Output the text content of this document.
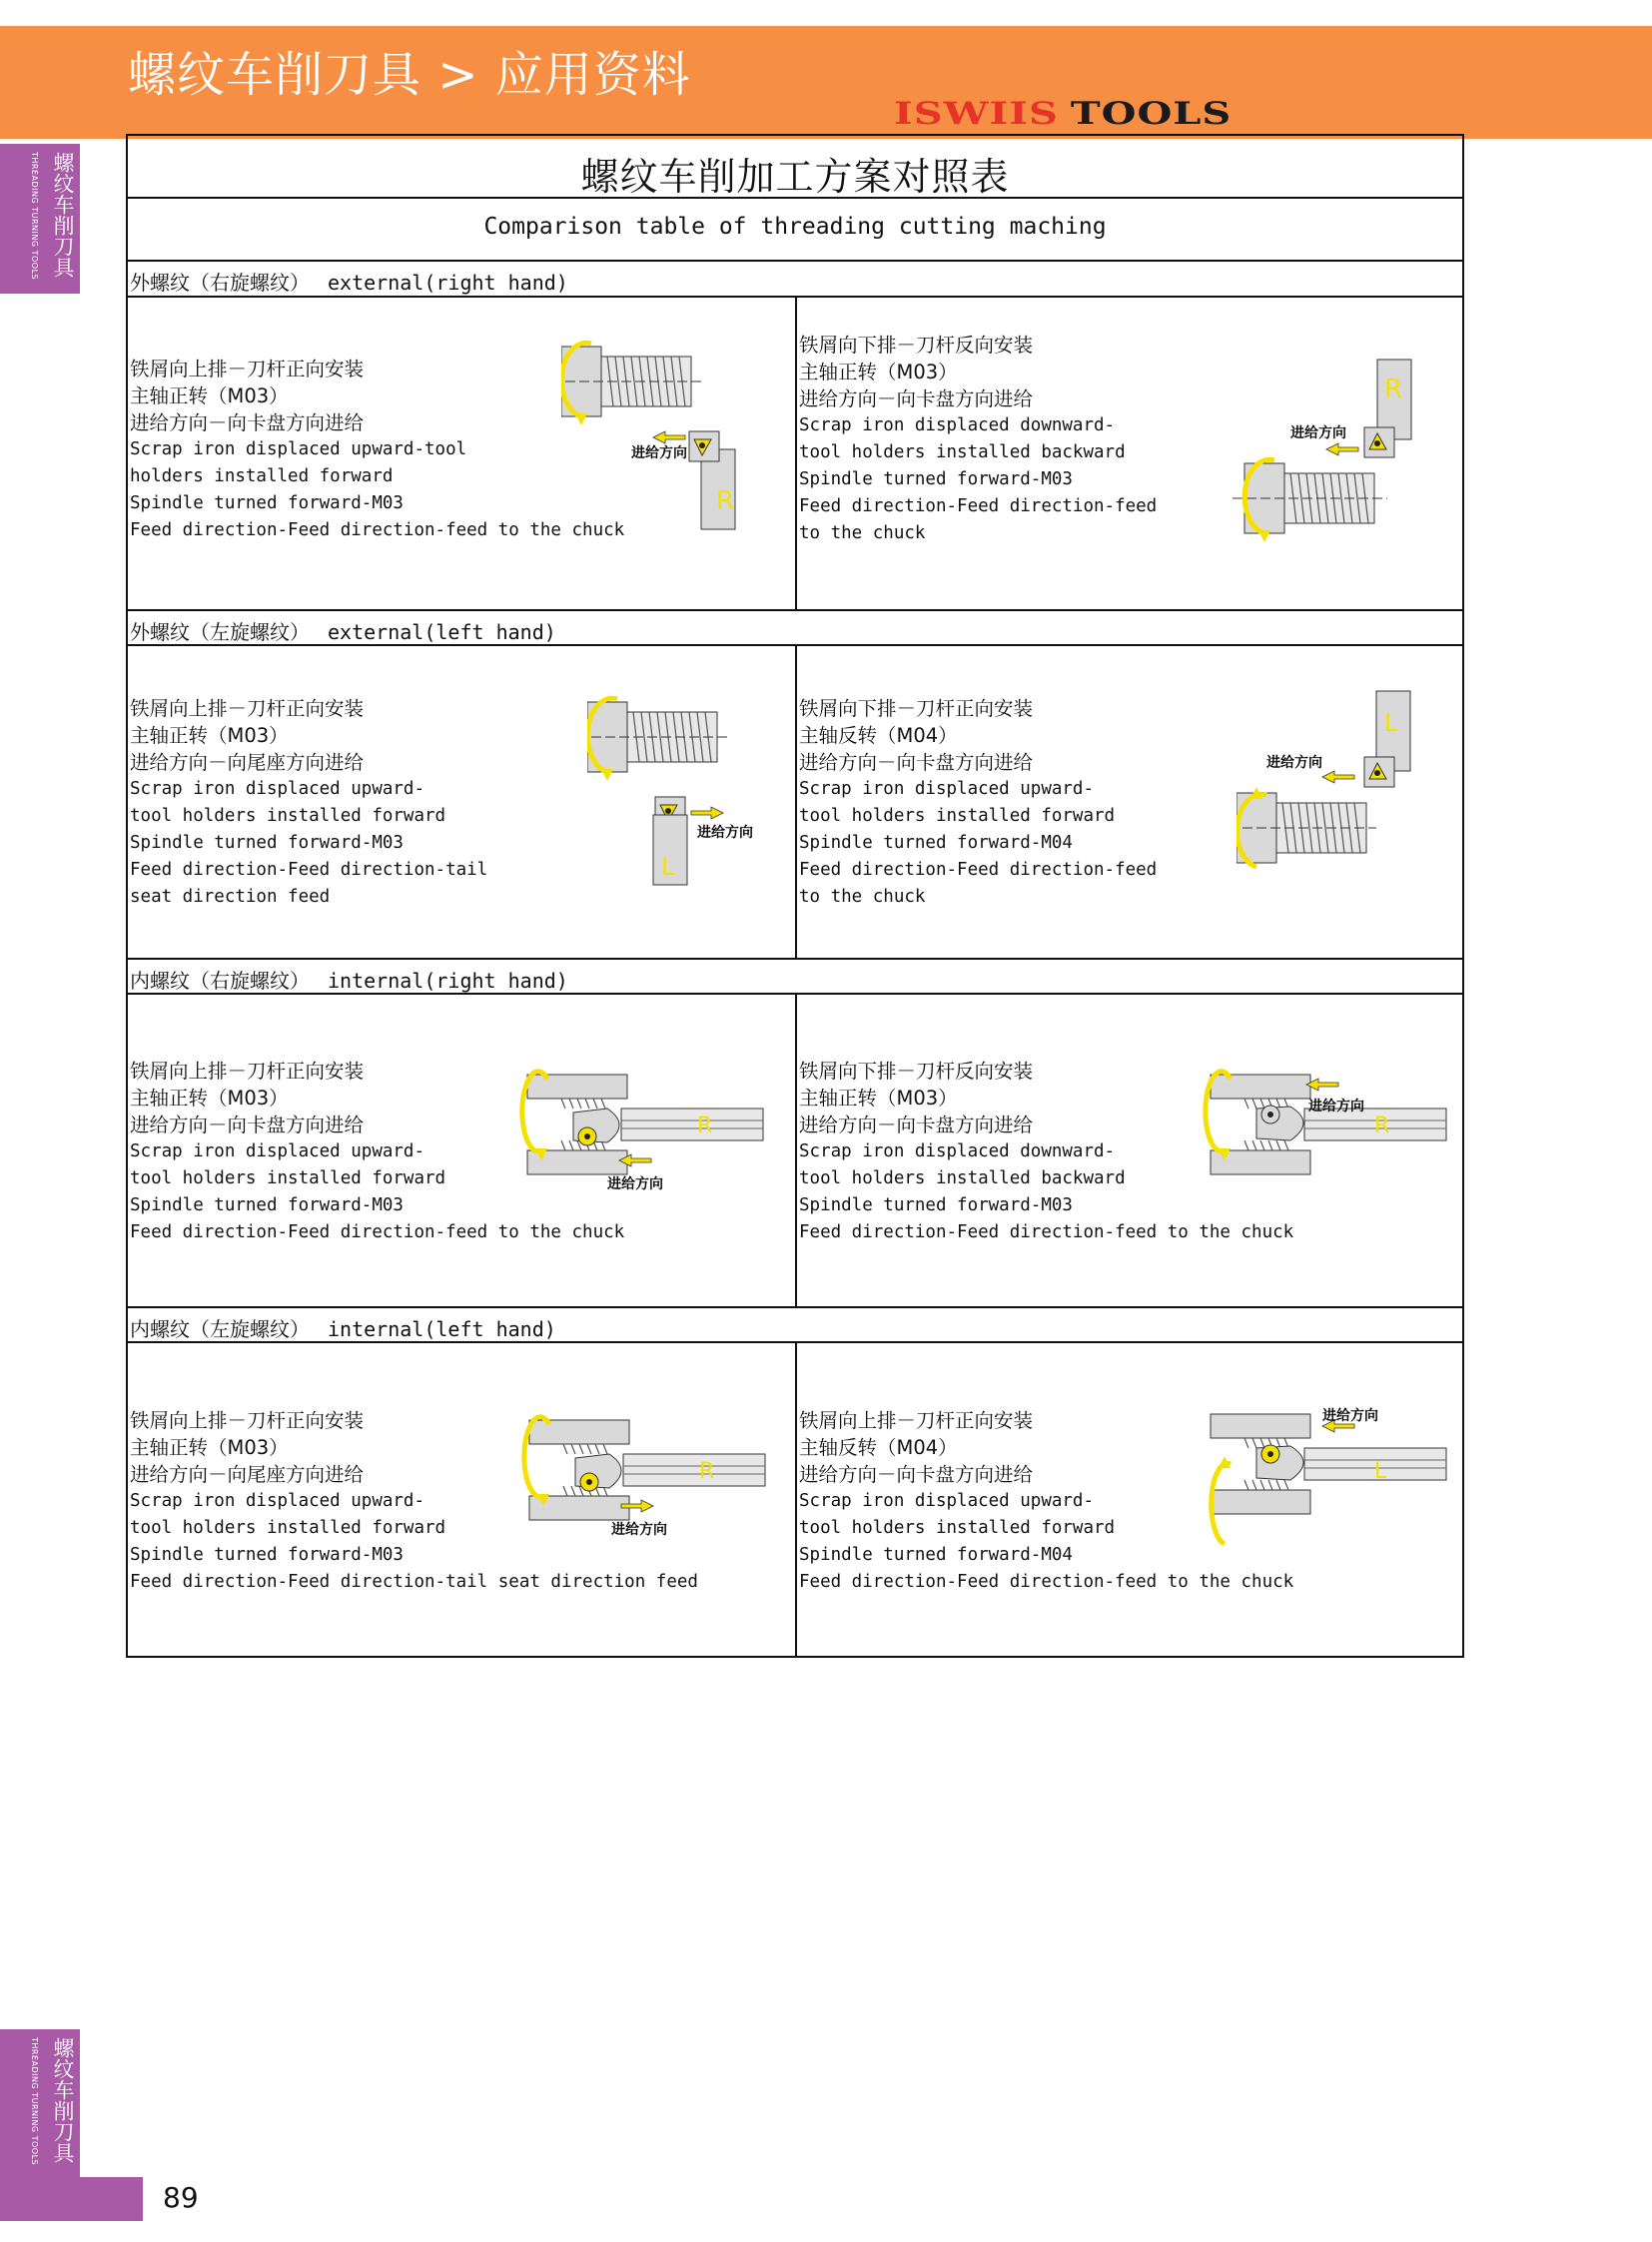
螺纹车削刀具 > 应用资料
ISWIIS TOOLS
螺纹车削刀具
THREADING TURNING TOOLS
螺纹车削刀具
THREADING TURNING TOOLS
89
螺纹车削加工方案对照表
Comparison table of threading cutting maching
外螺纹（右旋螺纹） external(right hand)
铁屑向上排－刀杆正向安装
主轴正转（M03）
进给方向－向卡盘方向进给
Scrap iron displaced upward-tool
holders installed forward
Spindle turned forward-M03
Feed direction-Feed direction-feed to the chuck
R
进给方向
铁屑向下排－刀杆反向安装
主轴正转（M03）
进给方向－向卡盘方向进给
Scrap iron displaced downward-
tool holders installed backward
Spindle turned forward-M03
Feed direction-Feed direction-feed
to the chuck
R
进给方向
外螺纹（左旋螺纹） external(left hand)
铁屑向上排－刀杆正向安装
主轴正转（M03）
进给方向－向尾座方向进给
Scrap iron displaced upward-
tool holders installed forward
Spindle turned forward-M03
Feed direction-Feed direction-tail
seat direction feed
L
进给方向
铁屑向下排－刀杆正向安装
主轴反转（M04）
进给方向－向卡盘方向进给
Scrap iron displaced upward-
tool holders installed forward
Spindle turned forward-M04
Feed direction-Feed direction-feed
to the chuck
L
进给方向
内螺纹（右旋螺纹） internal(right hand)
铁屑向上排－刀杆正向安装
主轴正转（M03）
进给方向－向卡盘方向进给
Scrap iron displaced upward-
tool holders installed forward
Spindle turned forward-M03
Feed direction-Feed direction-feed to the chuck
R
进给方向
铁屑向下排－刀杆反向安装
主轴正转（M03）
进给方向－向卡盘方向进给
Scrap iron displaced downward-
tool holders installed backward
Spindle turned forward-M03
Feed direction-Feed direction-feed to the chuck
R
进给方向
内螺纹（左旋螺纹） internal(left hand)
铁屑向上排－刀杆正向安装
主轴正转（M03）
进给方向－向尾座方向进给
Scrap iron displaced upward-
tool holders installed forward
Spindle turned forward-M03
Feed direction-Feed direction-tail seat direction feed
R
进给方向
铁屑向上排－刀杆正向安装
主轴反转（M04）
进给方向－向卡盘方向进给
Scrap iron displaced upward-
tool holders installed forward
Spindle turned forward-M04
Feed direction-Feed direction-feed to the chuck
L
进给方向
